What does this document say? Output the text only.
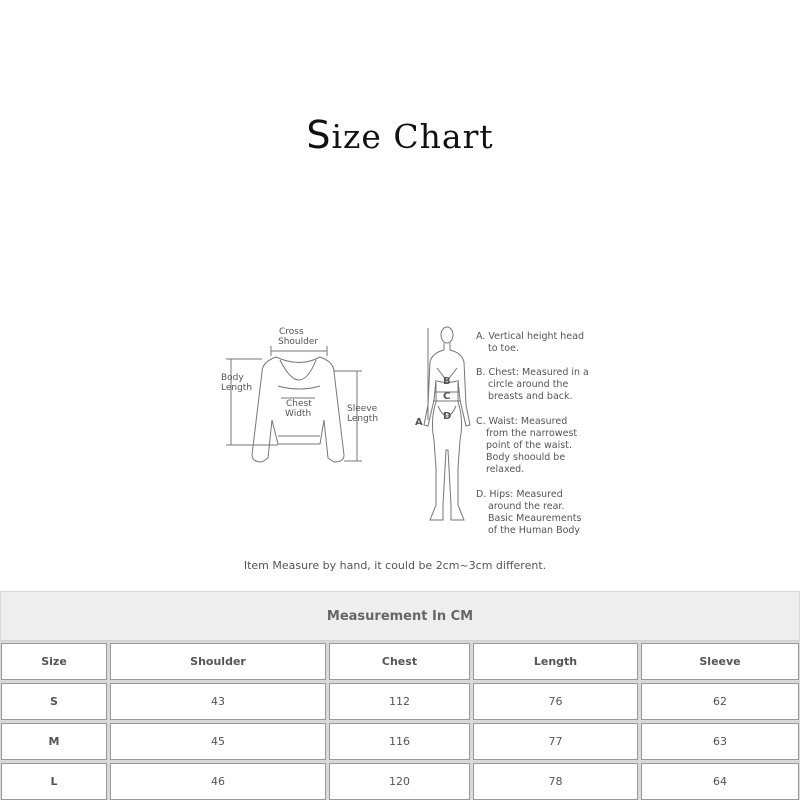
Size Chart
Cross
Shoulder
Body
Length
Chest
Width	Sleeve
Length	A
B
C
D
A. Vertical height head
to toe.
B. Chest: Measured in a
circle around the
breasts and back.
C. Waist: Measured
from the narrowest
point of the waist.
Body shoould be
relaxed.
D. Hips: Measured
around the rear.
Basic Meaurements
of the Human Body
Item Measure by hand, it could be 2cm~3cm different.
Measurement In CM
Size	Shoulder	Chest	Length	Sleeve
S	43	112	76	62
M	45	116	77	63
L	46	120	78	64
